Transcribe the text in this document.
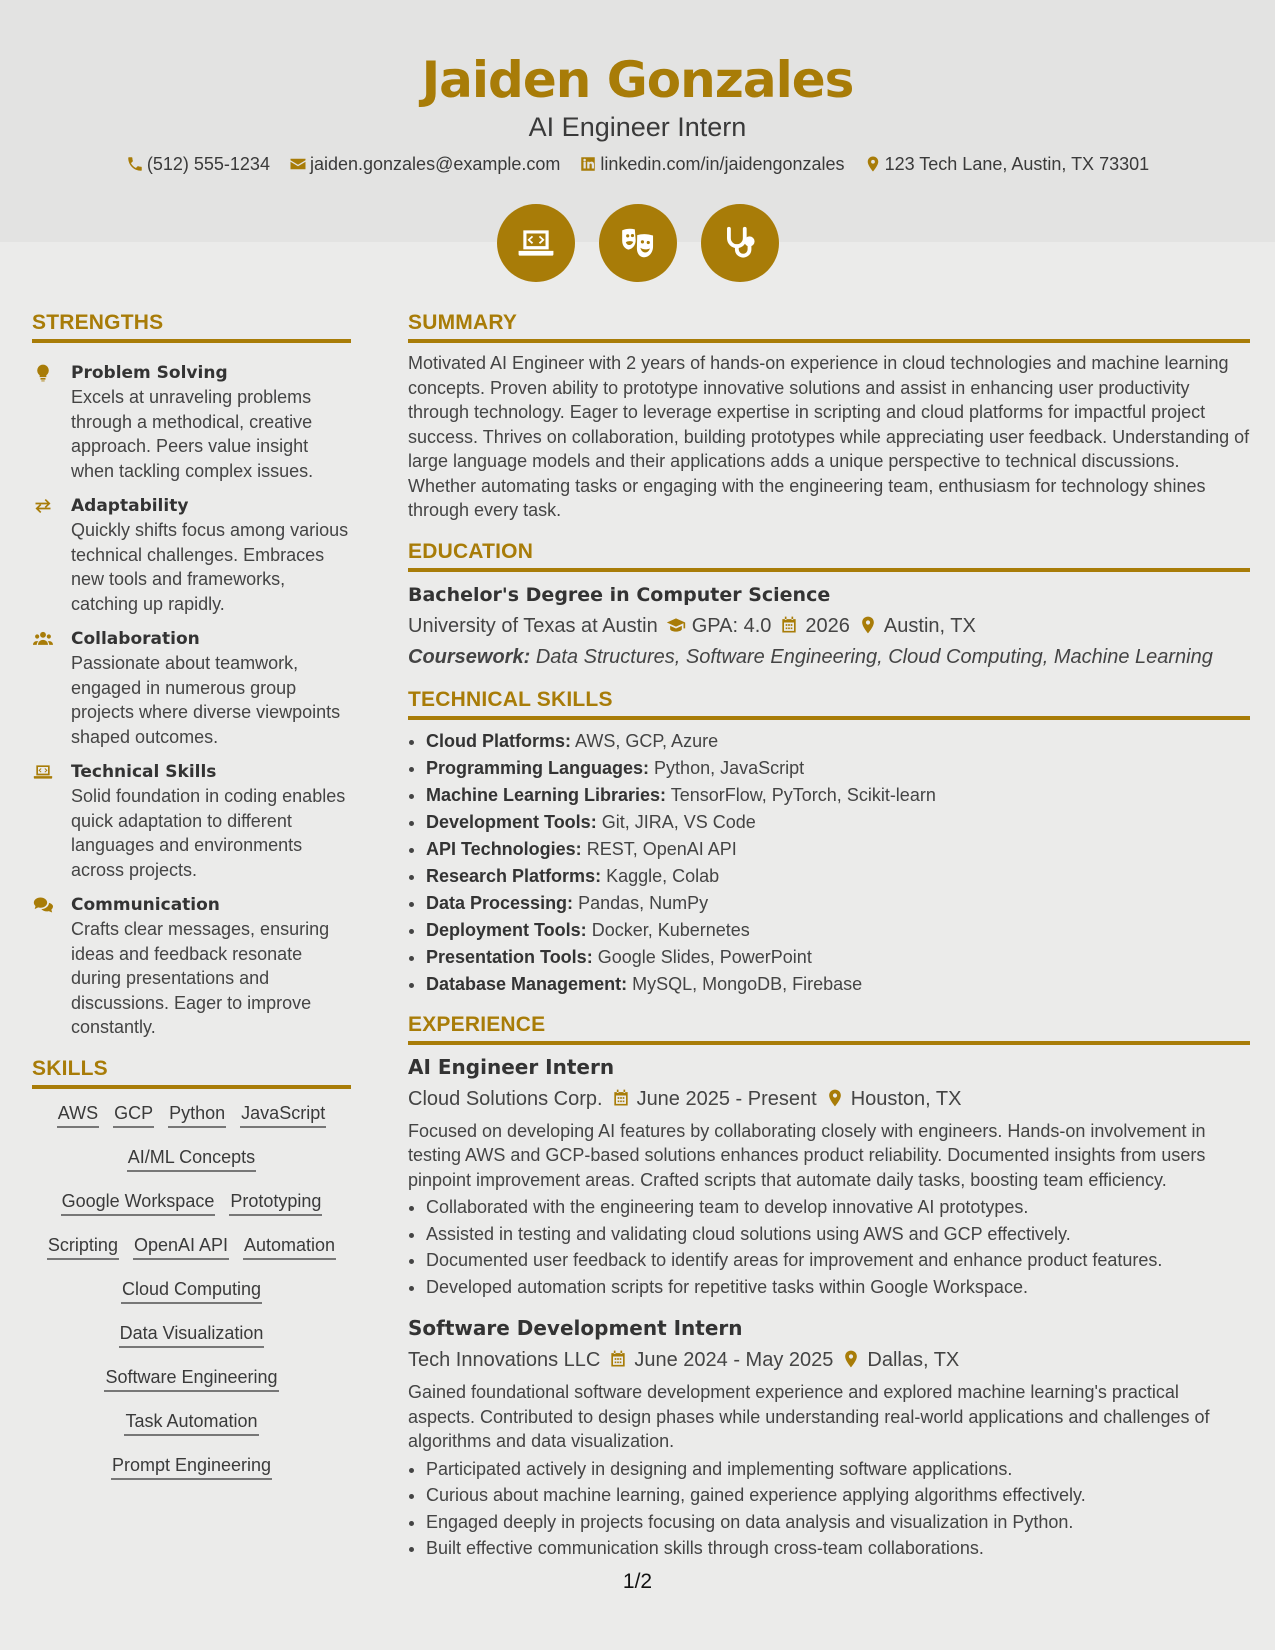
Jaiden Gonzales
AI Engineer Intern
(512) 555-1234 jaiden.gonzales@example.com linkedin.com/in/jaidengonzales 123 Tech Lane, Austin, TX 73301

STRENGTHS
Problem Solving
Excels at unraveling problems through a methodical, creative approach. Peers value insight when tackling complex issues.
Adaptability
Quickly shifts focus among various technical challenges. Embraces new tools and frameworks, catching up rapidly.
Collaboration
Passionate about teamwork, engaged in numerous group projects where diverse viewpoints shaped outcomes.
Technical Skills
Solid foundation in coding enables quick adaptation to different languages and environments across projects.
Communication
Crafts clear messages, ensuring ideas and feedback resonate during presentations and discussions. Eager to improve constantly.
SKILLS
AWS GCP Python JavaScript
AI/ML Concepts
Google Workspace Prototyping
Scripting OpenAI API Automation
Cloud Computing
Data Visualization
Software Engineering
Task Automation
Prompt Engineering
SUMMARY
Motivated AI Engineer with 2 years of hands-on experience in cloud technologies and machine learning concepts. Proven ability to prototype innovative solutions and assist in enhancing user productivity through technology. Eager to leverage expertise in scripting and cloud platforms for impactful project success. Thrives on collaboration, building prototypes while appreciating user feedback. Understanding of large language models and their applications adds a unique perspective to technical discussions. Whether automating tasks or engaging with the engineering team, enthusiasm for technology shines through every task.
EDUCATION
Bachelor's Degree in Computer Science
University of Texas at Austin GPA: 4.0 2026 Austin, TX
Coursework: Data Structures, Software Engineering, Cloud Computing, Machine Learning
TECHNICAL SKILLS
• Cloud Platforms: AWS, GCP, Azure
• Programming Languages: Python, JavaScript
• Machine Learning Libraries: TensorFlow, PyTorch, Scikit-learn
• Development Tools: Git, JIRA, VS Code
• API Technologies: REST, OpenAI API
• Research Platforms: Kaggle, Colab
• Data Processing: Pandas, NumPy
• Deployment Tools: Docker, Kubernetes
• Presentation Tools: Google Slides, PowerPoint
• Database Management: MySQL, MongoDB, Firebase
EXPERIENCE
AI Engineer Intern
Cloud Solutions Corp. June 2025 - Present Houston, TX
Focused on developing AI features by collaborating closely with engineers. Hands-on involvement in testing AWS and GCP-based solutions enhances product reliability. Documented insights from users pinpoint improvement areas. Crafted scripts that automate daily tasks, boosting team efficiency.
• Collaborated with the engineering team to develop innovative AI prototypes.
• Assisted in testing and validating cloud solutions using AWS and GCP effectively.
• Documented user feedback to identify areas for improvement and enhance product features.
• Developed automation scripts for repetitive tasks within Google Workspace.
Software Development Intern
Tech Innovations LLC June 2024 - May 2025 Dallas, TX
Gained foundational software development experience and explored machine learning's practical aspects. Contributed to design phases while understanding real-world applications and challenges of algorithms and data visualization.
• Participated actively in designing and implementing software applications.
• Curious about machine learning, gained experience applying algorithms effectively.
• Engaged deeply in projects focusing on data analysis and visualization in Python.
• Built effective communication skills through cross-team collaborations.
1/2
